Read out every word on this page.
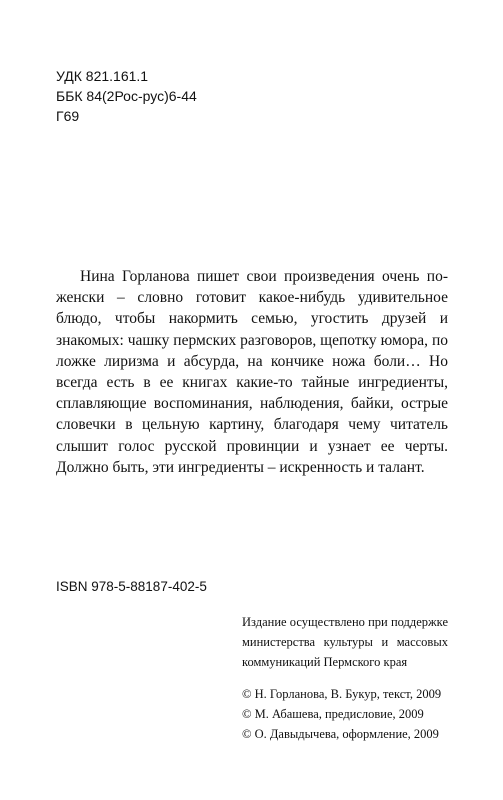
УДК 821.161.1
ББК 84(2Рос-рус)6-44
Г69

Нина Горланова пишет свои произведения очень по-женски – словно готовит какое-нибудь удивительное блюдо, чтобы накормить семью, угостить друзей и знакомых: чашку пермских разговоров, щепотку юмора, по ложке лиризма и абсурда, на кончике ножа боли… Но всегда есть в ее книгах какие-то тайные ингредиенты, сплавляющие воспоминания, наблюдения, байки, острые словечки в цельную картину, благодаря чему читатель слышит голос русской провинции и узнает ее черты. Должно быть, эти ингредиенты – искренность и талант.

ISBN 978-5-88187-402-5
Издание осуществлено при поддержке
министерства культуры и массовых
коммуникаций Пермского края
© Н. Горланова, В. Букур, текст, 2009
© М. Абашева, предисловие, 2009
© О. Давыдычева, оформление, 2009
